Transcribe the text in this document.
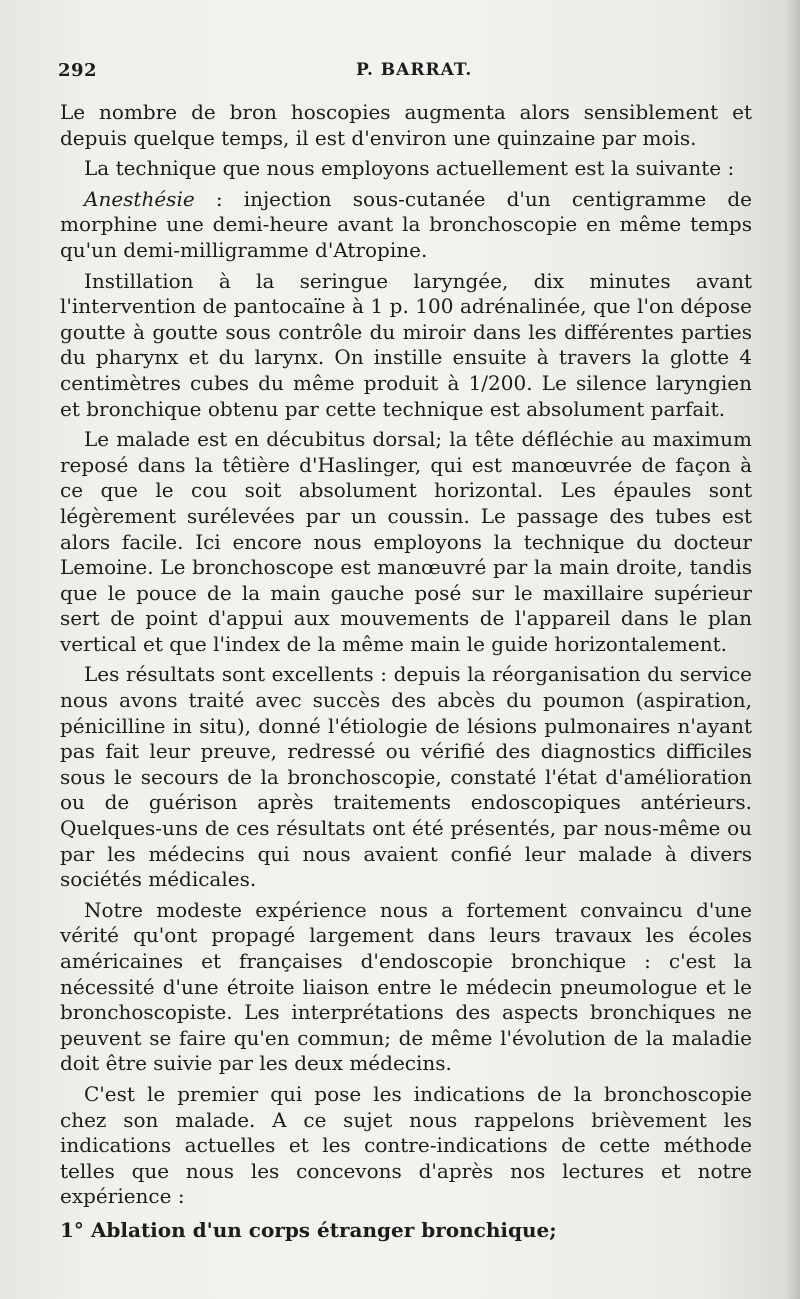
292	P. BARRAT.

Le nombre de bron hoscopies augmenta alors sensiblement et depuis quelque temps, il est d'environ une quinzaine par mois.

La technique que nous employons actuellement est la suivante :

Anesthésie : injection sous-cutanée d'un centigramme de morphine une demi-heure avant la bronchoscopie en même temps qu'un demi-milligramme d'Atropine.

Instillation à la seringue laryngée, dix minutes avant l'intervention de pantocaïne à 1 p. 100 adrénalinée, que l'on dépose goutte à goutte sous contrôle du miroir dans les différentes parties du pharynx et du larynx. On instille ensuite à travers la glotte 4 centimètres cubes du même produit à 1/200. Le silence laryngien et bronchique obtenu par cette technique est absolument parfait.

Le malade est en décubitus dorsal; la tête défléchie au maximum reposé dans la têtière d'Haslinger, qui est manœuvrée de façon à ce que le cou soit absolument horizontal. Les épaules sont légèrement surélevées par un coussin. Le passage des tubes est alors facile. Ici encore nous employons la technique du docteur Lemoine. Le bronchoscope est manœuvré par la main droite, tandis que le pouce de la main gauche posé sur le maxillaire supérieur sert de point d'appui aux mouvements de l'appareil dans le plan vertical et que l'index de la même main le guide horizontalement.

Les résultats sont excellents : depuis la réorganisation du service nous avons traité avec succès des abcès du poumon (aspiration, pénicilline in situ), donné l'étiologie de lésions pulmonaires n'ayant pas fait leur preuve, redressé ou vérifié des diagnostics difficiles sous le secours de la bronchoscopie, constaté l'état d'amélioration ou de guérison après traitements endoscopiques antérieurs. Quelques-uns de ces résultats ont été présentés, par nous-même ou par les médecins qui nous avaient confié leur malade à divers sociétés médicales.

Notre modeste expérience nous a fortement convaincu d'une vérité qu'ont propagé largement dans leurs travaux les écoles américaines et françaises d'endoscopie bronchique : c'est la nécessité d'une étroite liaison entre le médecin pneumologue et le bronchoscopiste. Les interprétations des aspects bronchiques ne peuvent se faire qu'en commun; de même l'évolution de la maladie doit être suivie par les deux médecins.

C'est le premier qui pose les indications de la bronchoscopie chez son malade. A ce sujet nous rappelons brièvement les indications actuelles et les contre-indications de cette méthode telles que nous les concevons d'après nos lectures et notre expérience :

1° Ablation d'un corps étranger bronchique;
